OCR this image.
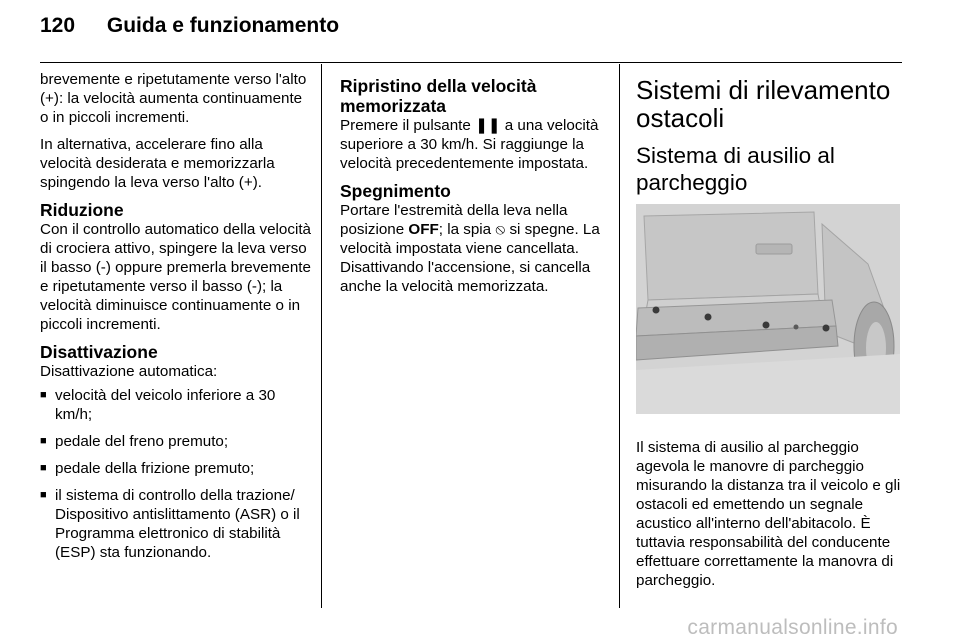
120 Guida e funzionamento

brevemente e ripetutamente verso l'alto (+): la velocità aumenta continuamente o in piccoli incrementi.

In alternativa, accelerare fino alla velocità desiderata e memorizzarla spingendo la leva verso l'alto (+).

Riduzione

Con il controllo automatico della velocità di crociera attivo, spingere la leva verso il basso (-) oppure premerla brevemente e ripetutamente verso il basso (-); la velocità diminuisce continuamente o in piccoli incrementi.

Disattivazione

Disattivazione automatica:

■ velocità del veicolo inferiore a 30 km/h;
■ pedale del freno premuto;
■ pedale della frizione premuto;
■ il sistema di controllo della trazione/ Dispositivo antislittamento (ASR) o il Programma elettronico di stabilità (ESP) sta funzionando.
Ripristino della velocità memorizzata

Premere il pulsante ❚❚ a una velocità superiore a 30 km/h. Si raggiunge la velocità precedentemente impostata.

Spegnimento

Portare l'estremità della leva nella posizione OFF; la spia ⦸ si spegne. La velocità impostata viene cancellata. Disattivando l'accensione, si cancella anche la velocità memorizzata.

Sistemi di rilevamento ostacoli
Sistema di ausilio al parcheggio

Il sistema di ausilio al parcheggio agevola le manovre di parcheggio misurando la distanza tra il veicolo e gli ostacoli ed emettendo un segnale acustico all'interno dell'abitacolo. È tuttavia responsabilità del conducente effettuare correttamente la manovra di parcheggio.

carmanualsonline.info
